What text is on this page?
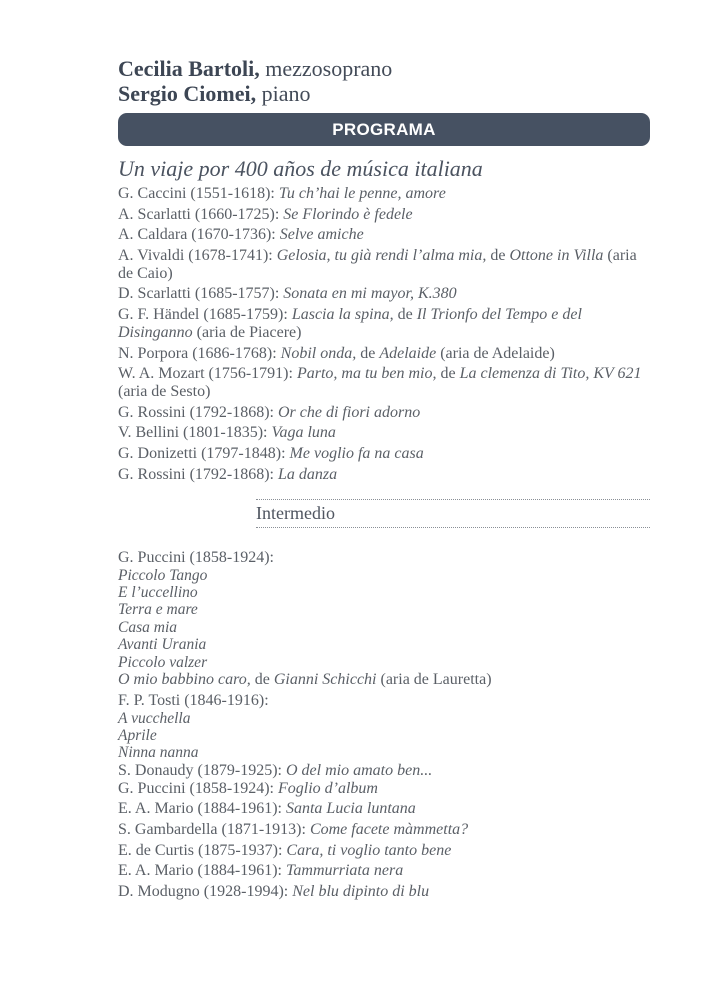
Cecilia Bartoli, mezzosoprano
Sergio Ciomei, piano
PROGRAMA
Un viaje por 400 años de música italiana
G. Caccini (1551-1618): Tu ch’hai le penne, amore
A. Scarlatti (1660-1725): Se Florindo è fedele
A. Caldara (1670-1736): Selve amiche
A. Vivaldi (1678-1741): Gelosia, tu già rendi l’alma mia, de Ottone in Villa (aria de Caio)
D. Scarlatti (1685-1757): Sonata en mi mayor, K.380
G. F. Händel (1685-1759): Lascia la spina, de Il Trionfo del Tempo e del Disinganno (aria de Piacere)
N. Porpora (1686-1768): Nobil onda, de Adelaide (aria de Adelaide)
W. A. Mozart (1756-1791): Parto, ma tu ben mio, de La clemenza di Tito, KV 621 (aria de Sesto)
G. Rossini (1792-1868): Or che di fiori adorno
V. Bellini (1801-1835): Vaga luna
G. Donizetti (1797-1848): Me voglio fa na casa
G. Rossini (1792-1868): La danza
Intermedio
G. Puccini (1858-1924):
Piccolo Tango
E l’uccellino
Terra e mare
Casa mia
Avanti Urania
Piccolo valzer
O mio babbino caro, de Gianni Schicchi (aria de Lauretta)
F. P. Tosti (1846-1916):
A vucchella
Aprile
Ninna nanna
S. Donaudy (1879-1925): O del mio amato ben...
G. Puccini (1858-1924): Foglio d’album
E. A. Mario (1884-1961): Santa Lucia luntana
S. Gambardella (1871-1913): Come facete màmmetta?
E. de Curtis (1875-1937): Cara, ti voglio tanto bene
E. A. Mario (1884-1961): Tammurriata nera
D. Modugno (1928-1994): Nel blu dipinto di blu
